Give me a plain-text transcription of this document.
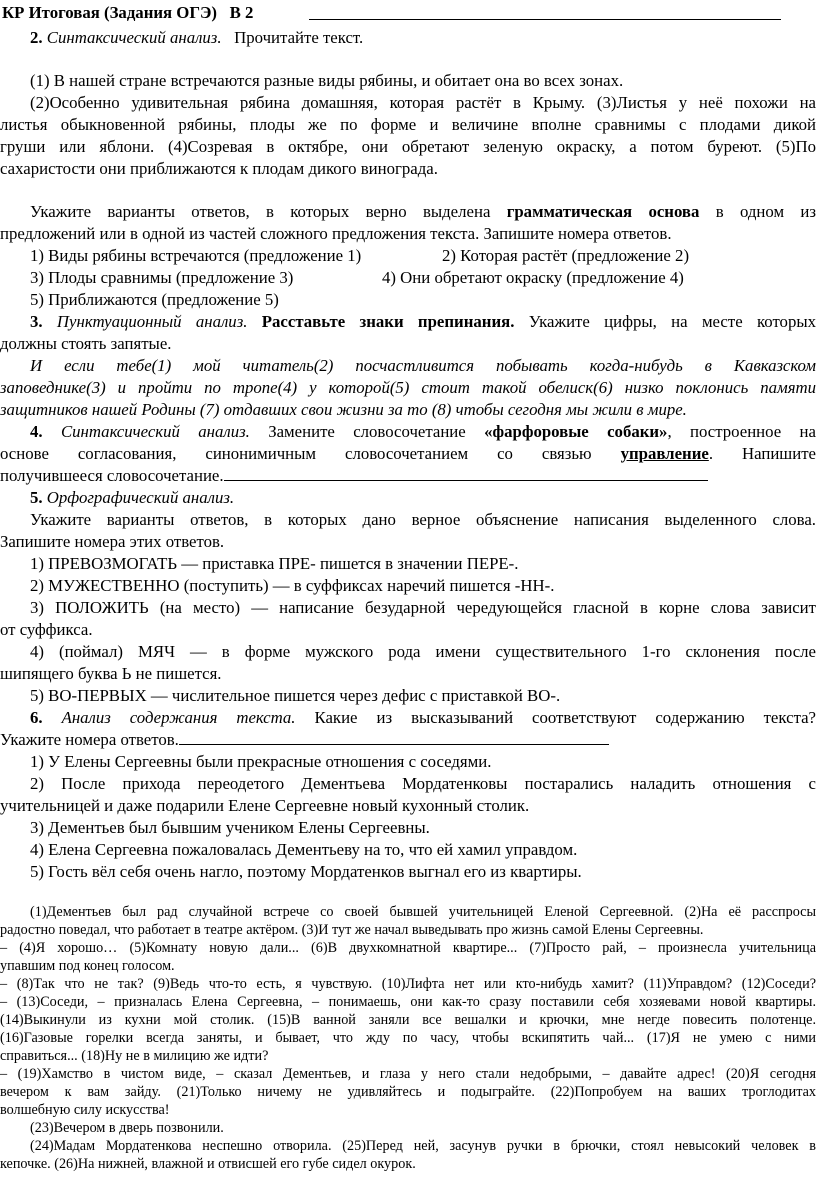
КР Итоговая (Задания ОГЭ)   В 2
2. Синтаксический анализ. Прочитайте текст.
(1) В нашей стране встречаются разные виды рябины, и обитает она во всех зонах.
(2)Особенно удивительная рябина домашняя, которая растёт в Крыму. (3)Листья у неё похожи на
листья обыкновенной рябины, плоды же по форме и величине вполне сравнимы с плодами дикой
груши или яблони. (4)Созревая в октябре, они обретают зеленую окраску, а потом буреют. (5)По
сахаристости они приближаются к плодам дикого винограда.
Укажите варианты ответов, в которых верно выделена грамматическая основа в одном из
предложений или в одной из частей сложного предложения текста. Запишите номера ответов.
1) Виды рябины встречаются (предложение 1)	2) Которая растёт (предложение 2)
3) Плоды сравнимы (предложение 3)	4) Они обретают окраску (предложение 4)
5) Приближаются (предложение 5)
3. Пунктуационный анализ. Расставьте знаки препинания. Укажите цифры, на месте которых
должны стоять запятые.
И если тебе(1) мой читатель(2) посчастливится побывать когда-нибудь в Кавказском
заповеднике(3) и пройти по тропе(4) у которой(5) стоит такой обелиск(6) низко поклонись памяти
защитников нашей Родины (7) отдавших свои жизни за то (8) чтобы сегодня мы жили в мире.
4. Синтаксический анализ. Замените словосочетание «фарфоровые собаки», построенное на
основе согласования, синонимичным словосочетанием со связью управление. Напишите
получившееся словосочетание.
5. Орфографический анализ.
Укажите варианты ответов, в которых дано верное объяснение написания выделенного слова.
Запишите номера этих ответов.
1) ПРЕВОЗМОГАТЬ — приставка ПРЕ- пишется в значении ПЕРЕ-.
2) МУЖЕСТВЕННО (поступить) — в суффиксах наречий пишется -НН-.
3) ПОЛОЖИТЬ (на место) — написание безударной чередующейся гласной в корне слова зависит
от суффикса.
4) (поймал) МЯЧ — в форме мужского рода имени существительного 1-го склонения после
шипящего буква Ь не пишется.
5) ВО-ПЕРВЫХ — числительное пишется через дефис с приставкой ВО-.
6. Анализ содержания текста. Какие из высказываний соответствуют содержанию текста?
Укажите номера ответов.
1) У Елены Сергеевны были прекрасные отношения с соседями.
2) После прихода переодетого Дементьева Мордатенковы постарались наладить отношения с
учительницей и даже подарили Елене Сергеевне новый кухонный столик.
3) Дементьев был бывшим учеником Елены Сергеевны.
4) Елена Сергеевна пожаловалась Дементьеву на то, что ей хамил управдом.
5) Гость вёл себя очень нагло, поэтому Мордатенков выгнал его из квартиры.
(1)Дементьев был рад случайной встрече со своей бывшей учительницей Еленой Сергеевной. (2)На её расспросы
радостно поведал, что работает в театре актёром. (3)И тут же начал выведывать про жизнь самой Елены Сергеевны.
– (4)Я хорошо… (5)Комнату новую дали... (6)В двухкомнатной квартире... (7)Просто рай, – произнесла учительница
упавшим под конец голосом.
– (8)Так что не так? (9)Ведь что-то есть, я чувствую. (10)Лифта нет или кто-нибудь хамит? (11)Управдом? (12)Соседи?
– (13)Соседи, – призналась Елена Сергеевна, – понимаешь, они как-то сразу поставили себя хозяевами новой квартиры.
(14)Выкинули из кухни мой столик. (15)В ванной заняли все вешалки и крючки, мне негде повесить полотенце.
(16)Газовые горелки всегда заняты, и бывает, что жду по часу, чтобы вскипятить чай... (17)Я не умею с ними
справиться... (18)Ну не в милицию же идти?
– (19)Хамство в чистом виде, – сказал Дементьев, и глаза у него стали недобрыми, – давайте адрес! (20)Я сегодня
вечером к вам зайду. (21)Только ничему не удивляйтесь и подыграйте. (22)Попробуем на ваших троглодитах
волшебную силу искусства!
(23)Вечером в дверь позвонили.
(24)Мадам Мордатенкова неспешно отворила. (25)Перед ней, засунув ручки в брючки, стоял невысокий человек в
кепочке. (26)На нижней, влажной и отвисшей его губе сидел окурок.
